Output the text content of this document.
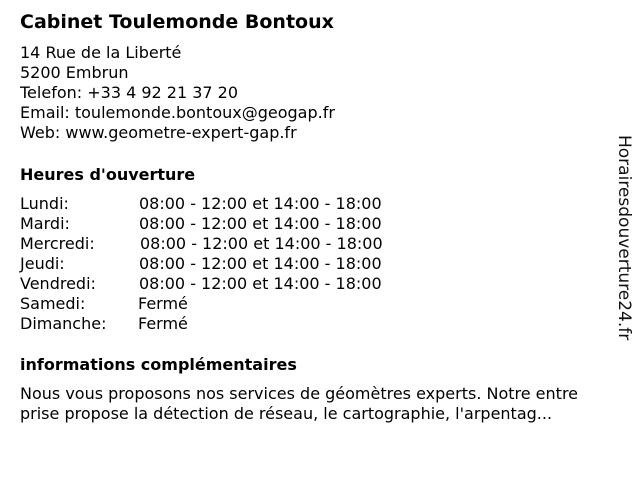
Cabinet Toulemonde Bontoux
14 Rue de la Liberté
5200 Embrun
Telefon: +33 4 92 21 37 20
Email: toulemonde.bontoux@geogap.fr
Web: www.geometre-expert-gap.fr
Heures d'ouverture
Lundi:	08:00 - 12:00 et 14:00 - 18:00
Mardi:	08:00 - 12:00 et 14:00 - 18:00
Mercredi:	08:00 - 12:00 et 14:00 - 18:00
Jeudi:	08:00 - 12:00 et 14:00 - 18:00
Vendredi:	08:00 - 12:00 et 14:00 - 18:00
Samedi:	Fermé
Dimanche: Fermé
informations complémentaires
Nous vous proposons nos services de géomètres experts. Notre entre
prise propose la détection de réseau, le cartographie, l'arpentag...
Horairesdouverture24.fr
